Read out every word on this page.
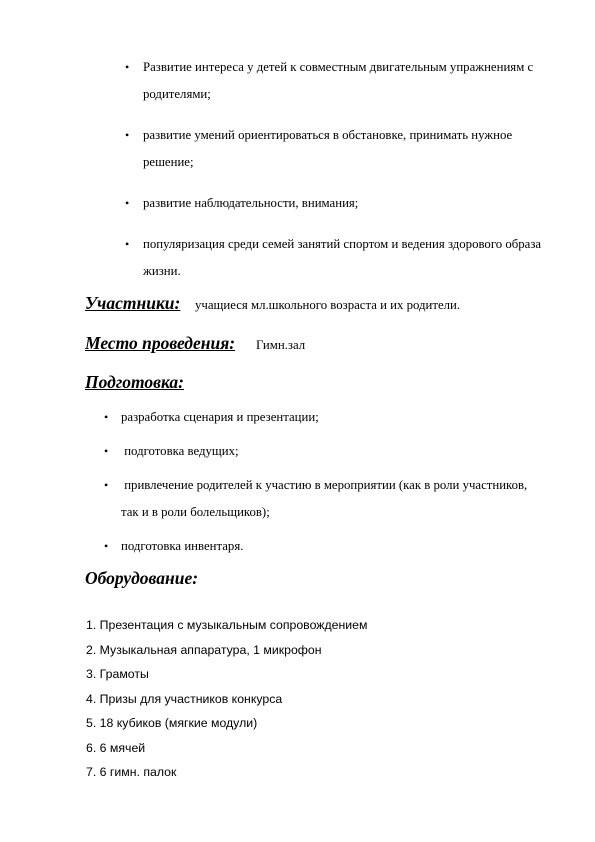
• Развитие интереса у детей к совместным двигательным упражнениям с родителями;
• развитие умений ориентироваться в обстановке, принимать нужное решение;
• развитие наблюдательности, внимания;
• популяризация среди семей занятий спортом и ведения здорового образа жизни.
Участники: учащиеся мл.школьного возраста и их родители.
Место проведения: Гимн.зал
Подготовка:
• разработка сценария и презентации;
• подготовка ведущих;
• привлечение родителей к участию в мероприятии (как в роли участников, так и в роли болельщиков);
• подготовка инвентаря.
Оборудование:
1. Презентация с музыкальным сопровождением
2. Музыкальная аппаратура, 1 микрофон
3. Грамоты
4. Призы для участников конкурса
5. 18 кубиков (мягкие модули)
6. 6 мячей
7. 6 гимн. палок
